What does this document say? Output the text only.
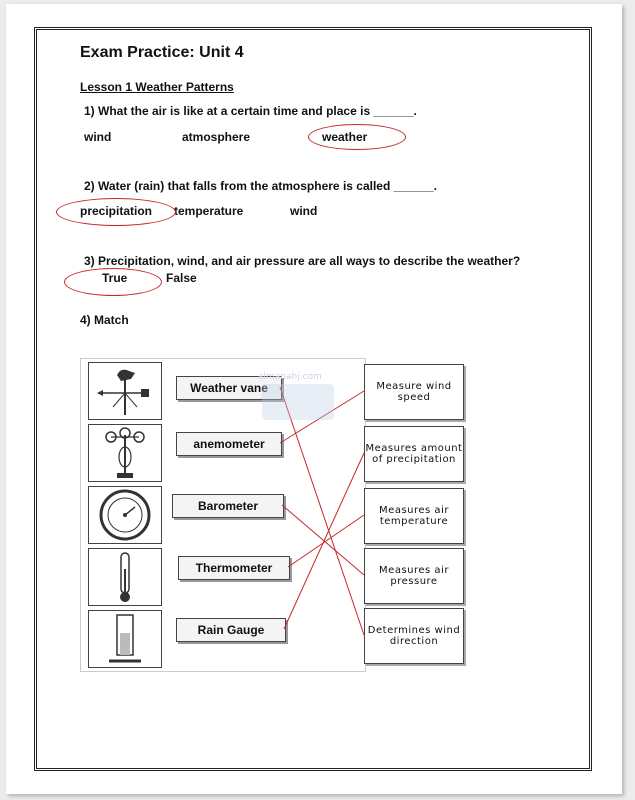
Exam Practice: Unit 4
Lesson 1 Weather Patterns
1) What the air is like at a certain time and place is ______.
wind	atmosphere	weather
2) Water (rain) that falls from the atmosphere is called ______.
precipitation temperature	wind
3) Precipitation, wind, and air pressure are all ways to describe the weather?
True	False
4) Match
Weather vane
anemometer
Barometer
Thermometer
Rain Gauge
Measure wind speed
Measures amount of precipitation
Measures air temperature
Measures air pressure
Determines wind direction
almanahj.com
